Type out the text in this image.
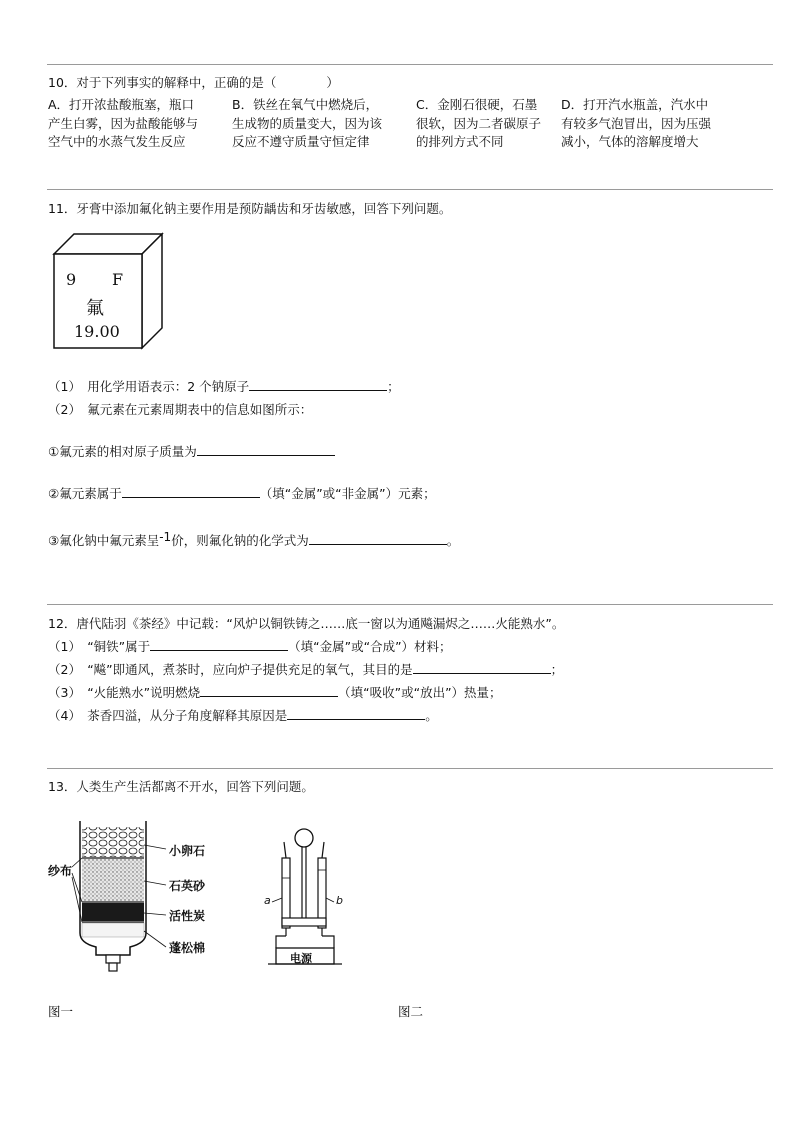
10．对于下列事实的解释中，正确的是（　　　　）
A．打开浓盐酸瓶塞，瓶口
产生白雾，因为盐酸能够与
空气中的水蒸气发生反应
B．铁丝在氧气中燃烧后，
生成物的质量变大，因为该
反应不遵守质量守恒定律
C．金刚石很硬，石墨
很软，因为二者碳原子
的排列方式不同
D．打开汽水瓶盖，汽水中
有较多气泡冒出，因为压强
减小，气体的溶解度增大
11．牙膏中添加氟化钠主要作用是预防龋齿和牙齿敏感，回答下列问题。
9 F
氟
19.00
（1）　用化学用语表示：2 个钠原子	；
（2）　氟元素在元素周期表中的信息如图所示：
①氟元素的相对原子质量为
②氟元素属于	（填“金属”或“非金属”）元素；
③氟化钠中氟元素呈-1价，则氟化钠的化学式为	。
12．唐代陆羽《茶经》中记载：“风炉以铜铁铸之……底一窗以为通飚漏烬之……火能熟水”。
（1）　“铜铁”属于	（填“金属”或“合成”）材料；
（2）　“飚”即通风，煮茶时，应向炉子提供充足的氧气，其目的是	；
（3）　“火能熟水”说明燃烧	（填“吸收”或“放出”）热量；
（4）　茶香四溢，从分子角度解释其原因是	。
13．人类生产生活都离不开水，回答下列问题。
纱布
小卵石
石英砂
活性炭
蓬松棉
a	b
电源
图一	图二
